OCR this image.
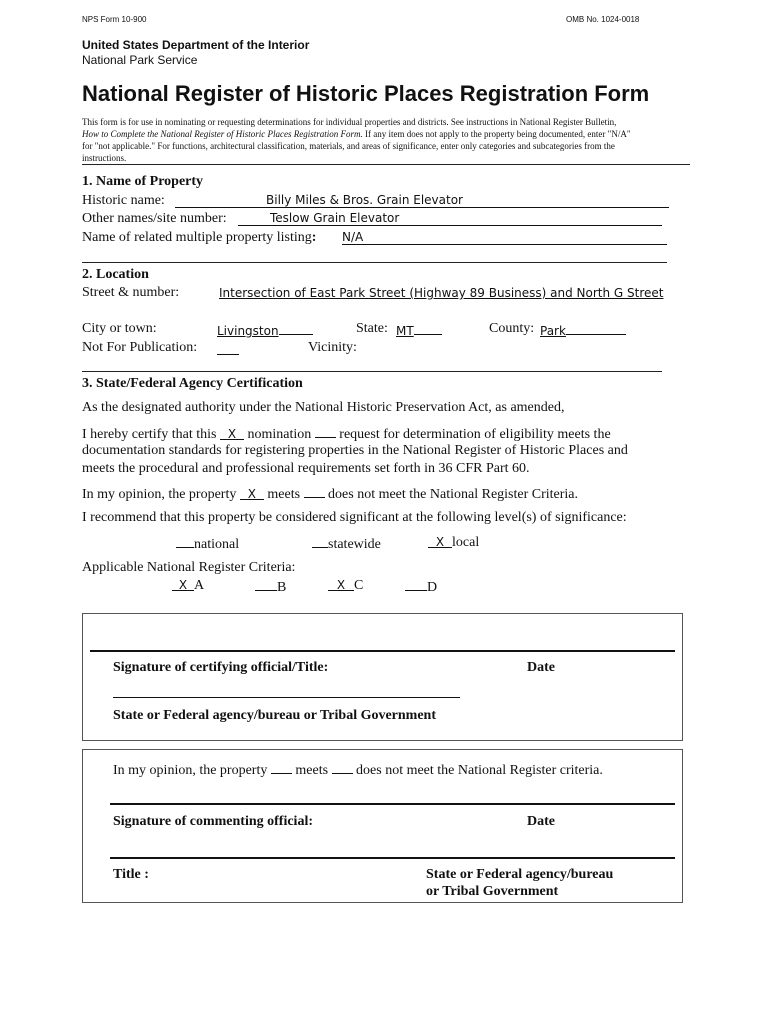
NPS Form 10-900	OMB No. 1024-0018
United States Department of the Interior
National Park Service
National Register of Historic Places Registration Form
This form is for use in nominating or requesting determinations for individual properties and districts. See instructions in National Register Bulletin,
How to Complete the National Register of Historic Places Registration Form. If any item does not apply to the property being documented, enter "N/A"
for "not applicable." For functions, architectural classification, materials, and areas of significance, enter only categories and subcategories from the
instructions.
1. Name of Property
Historic name:	Billy Miles & Bros. Grain Elevator
Other names/site number:	Teslow Grain Elevator
Name of related multiple property listing: N/A
2. Location
Street & number:	Intersection of East Park Street (Highway 89 Business) and North G Street
City or town:	Livingston	State: MT	County: Park
Not For Publication:	Vicinity:
3. State/Federal Agency Certification
As the designated authority under the National Historic Preservation Act, as amended,
I hereby certify that this X nomination request for determination of eligibility meets the
documentation standards for registering properties in the National Register of Historic Places and
meets the procedural and professional requirements set forth in 36 CFR Part 60.
In my opinion, the property X meets does not meet the National Register Criteria.
I recommend that this property be considered significant at the following level(s) of significance:
national	statewide	X local
Applicable National Register Criteria:
X A	B	X C	D
Signature of certifying official/Title:	Date
State or Federal agency/bureau or Tribal Government
In my opinion, the property meets does not meet the National Register criteria.
Signature of commenting official:	Date
Title :	State or Federal agency/bureau
or Tribal Government
